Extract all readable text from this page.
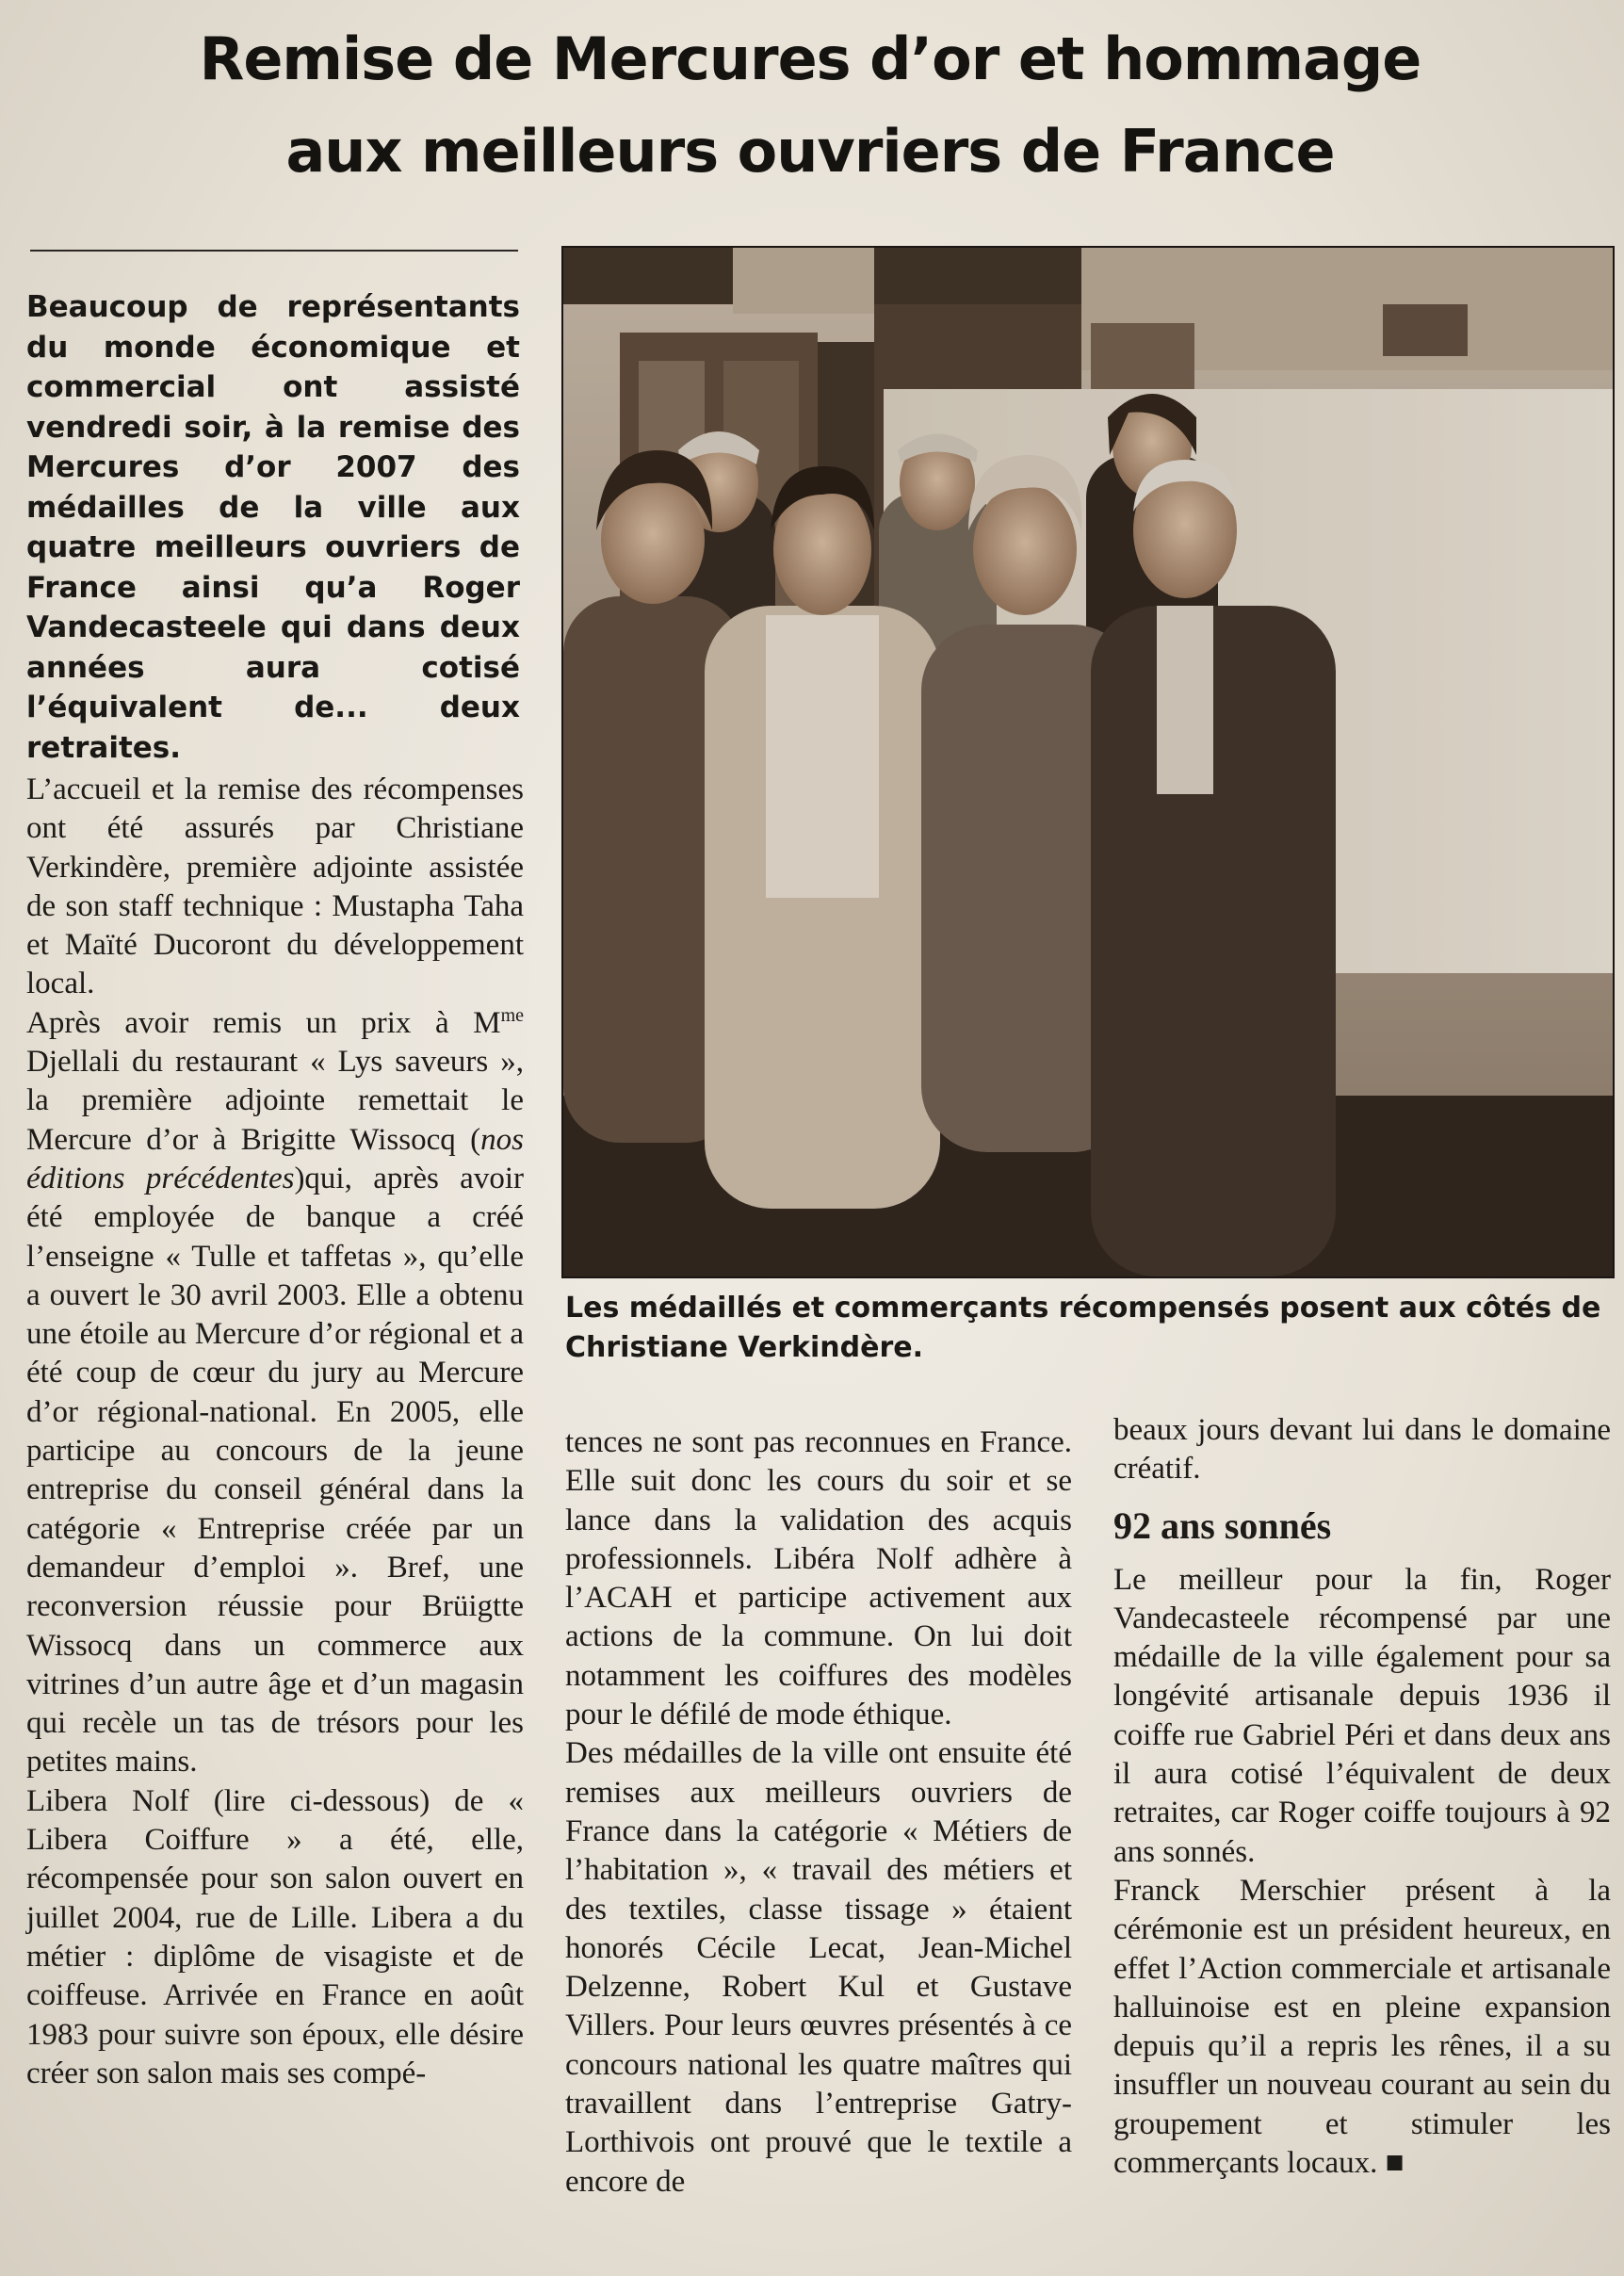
Remise de Mercures d’or et hommage
aux meilleurs ouvriers de France
Beaucoup de représentants du monde économique et commercial ont assisté vendredi soir, à la remise des Mercures d’or 2007 des médailles de la ville aux quatre meilleurs ouvriers de France ainsi qu’a Roger Vandecasteele qui dans deux années aura cotisé l’équivalent de... deux retraites.

L’accueil et la remise des récompenses ont été assurés par Christiane Verkindère, première adjointe assistée de son staff technique : Mustapha Taha et Maïté Ducoront du développement local.

Après avoir remis un prix à $M^{me}$ Djellali du restaurant « Lys saveurs », la première adjointe remettait le Mercure d’or à Brigitte Wissocq (nos éditions précédentes)qui, après avoir été employée de banque a créé l’enseigne « Tulle et taffetas », qu’elle a ouvert le 30 avril 2003. Elle a obtenu une étoile au Mercure d’or régional et a été coup de cœur du jury au Mercure d’or régional-national. En 2005, elle participe au concours de la jeune entreprise du conseil général dans la catégorie « Entreprise créée par un demandeur d’emploi ». Bref, une reconversion réussie pour Brüigtte Wissocq dans un commerce aux vitrines d’un autre âge et d’un magasin qui recèle un tas de trésors pour les petites mains.

Libera Nolf (lire ci-dessous) de « Libera Coiffure » a été, elle, récompensée pour son salon ouvert en juillet 2004, rue de Lille. Libera a du métier : diplôme de visagiste et de coiffeuse. Arrivée en France en août 1983 pour suivre son époux, elle désire créer son salon mais ses compé-

Les médaillés et commerçants récompensés posent aux côtés de Christiane Verkindère.

tences ne sont pas reconnues en France. Elle suit donc les cours du soir et se lance dans la validation des acquis professionnels. Libéra Nolf adhère à l’ACAH et participe activement aux actions de la commune. On lui doit notamment les coiffures des modèles pour le défilé de mode éthique.

Des médailles de la ville ont ensuite été remises aux meilleurs ouvriers de France dans la catégorie « Métiers de l’habitation », « travail des métiers et des textiles, classe tissage » étaient honorés Cécile Lecat, Jean-Michel Delzenne, Robert Kul et Gustave Villers. Pour leurs œuvres présentés à ce concours national les quatre maîtres qui travaillent dans l’entreprise Gatry-Lorthivois ont prouvé que le textile a encore de

beaux jours devant lui dans le domaine créatif.

92 ans sonnés

Le meilleur pour la fin, Roger Vandecasteele récompensé par une médaille de la ville également pour sa longévité artisanale depuis 1936 il coiffe rue Gabriel Péri et dans deux ans il aura cotisé l’équivalent de deux retraites, car Roger coiffe toujours à 92 ans sonnés.

Franck Merschier présent à la cérémonie est un président heureux, en effet l’Action commerciale et artisanale halluinoise est en pleine expansion depuis qu’il a repris les rênes, il a su insuffler un nouveau courant au sein du groupement et stimuler les commerçants locaux. ■
